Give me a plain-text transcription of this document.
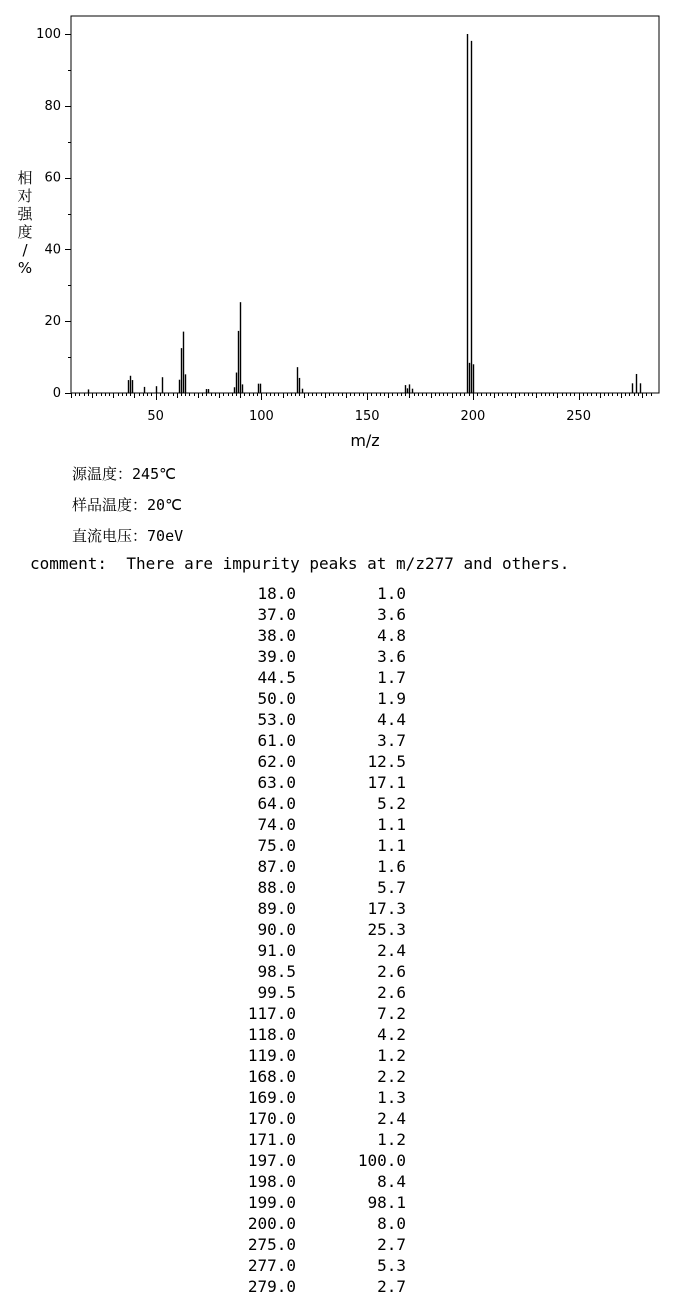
0
20
40
60
80
100
50	100	150	200	250
m/z
相
对
强
度
/
%
源温度：245℃
样品温度：20℃
直流电压：70eV
comment:  There are impurity peaks at m/z277 and others.
18.0	1.0
37.0	3.6
38.0	4.8
39.0	3.6
44.5	1.7
50.0	1.9
53.0	4.4
61.0	3.7
62.0	12.5
63.0	17.1
64.0	5.2
74.0	1.1
75.0	1.1
87.0	1.6
88.0	5.7
89.0	17.3
90.0	25.3
91.0	2.4
98.5	2.6
99.5	2.6
117.0	7.2
118.0	4.2
119.0	1.2
168.0	2.2
169.0	1.3
170.0	2.4
171.0	1.2
197.0	100.0
198.0	8.4
199.0	98.1
200.0	8.0
275.0	2.7
277.0	5.3
279.0	2.7
